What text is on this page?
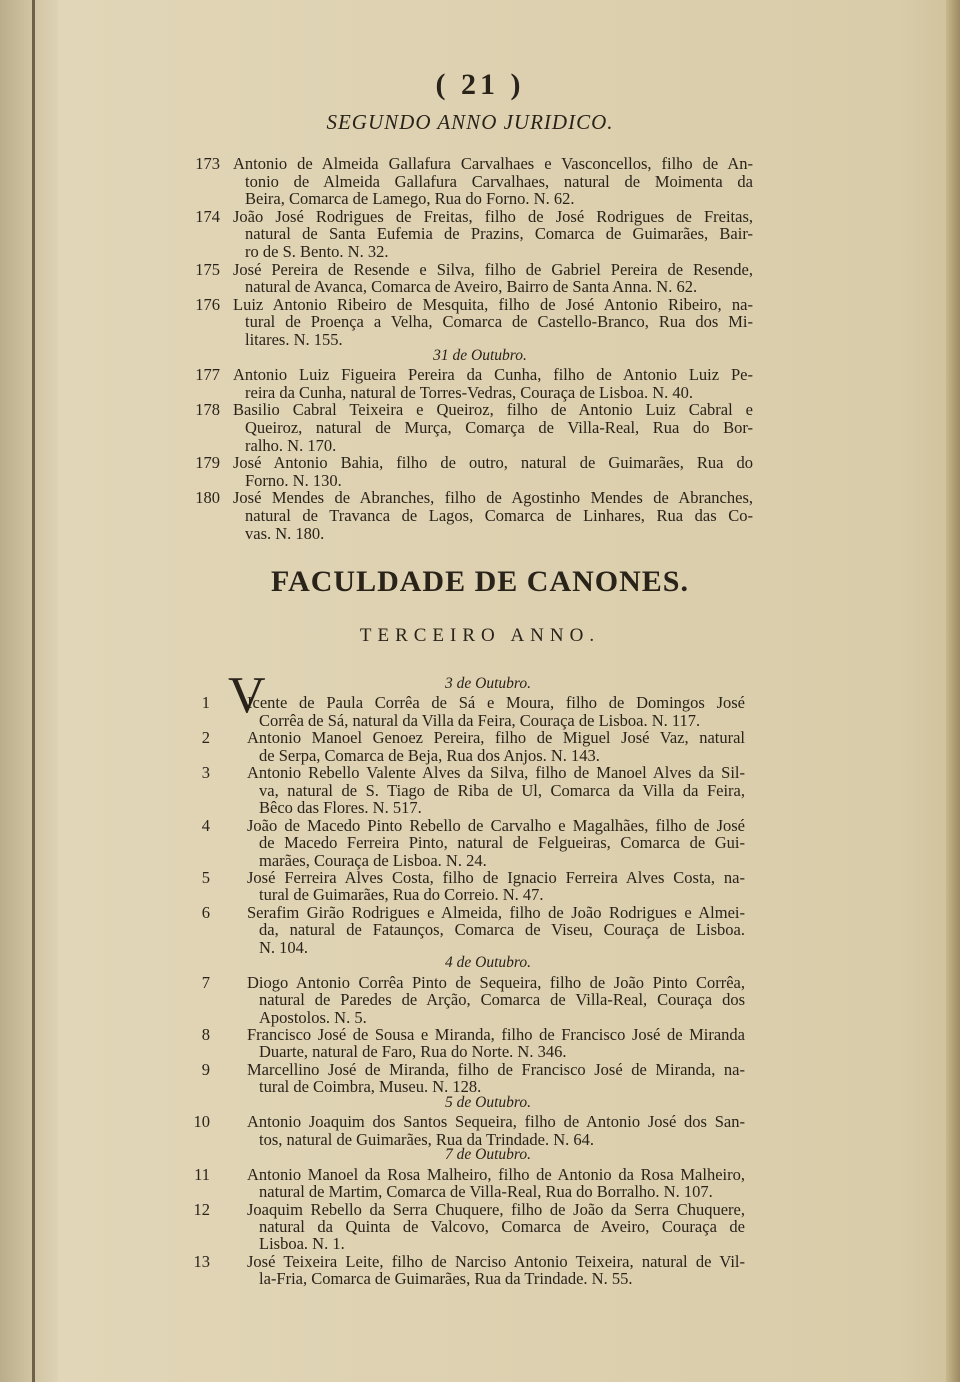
( 21 )
SEGUNDO ANNO JURIDICO.
173 Antonio de Almeida Gallafura Carvalhaes e Vasconcellos, filho de An-
tonio de Almeida Gallafura Carvalhaes, natural de Moimenta da
Beira, Comarca de Lamego, Rua do Forno. N. 62.
174 João José Rodrigues de Freitas, filho de José Rodrigues de Freitas,
natural de Santa Eufemia de Prazins, Comarca de Guimarães, Bair-
ro de S. Bento. N. 32.
175 José Pereira de Resende e Silva, filho de Gabriel Pereira de Resende,
natural de Avanca, Comarca de Aveiro, Bairro de Santa Anna. N. 62.
176 Luiz Antonio Ribeiro de Mesquita, filho de José Antonio Ribeiro, na-
tural de Proença a Velha, Comarca de Castello-Branco, Rua dos Mi-
litares. N. 155.
31 de Outubro.
177 Antonio Luiz Figueira Pereira da Cunha, filho de Antonio Luiz Pe-
reira da Cunha, natural de Torres-Vedras, Couraça de Lisboa. N. 40.
178 Basilio Cabral Teixeira e Queiroz, filho de Antonio Luiz Cabral e
Queiroz, natural de Murça, Comarça de Villa-Real, Rua do Bor-
ralho. N. 170.
179 José Antonio Bahia, filho de outro, natural de Guimarães, Rua do
Forno. N. 130.
180 José Mendes de Abranches, filho de Agostinho Mendes de Abranches,
natural de Travanca de Lagos, Comarca de Linhares, Rua das Co-
vas. N. 180.
FACULDADE DE CANONES.
TERCEIRO ANNO.
V	3 de Outubro.
1 Icente de Paula Corrêa de Sá e Moura, filho de Domingos José
Corrêa de Sá, natural da Villa da Feira, Couraça de Lisboa. N. 117.
2 Antonio Manoel Genoez Pereira, filho de Miguel José Vaz, natural
de Serpa, Comarca de Beja, Rua dos Anjos. N. 143.
3 Antonio Rebello Valente Alves da Silva, filho de Manoel Alves da Sil-
va, natural de S. Tiago de Riba de Ul, Comarca da Villa da Feira,
Bêco das Flores. N. 517.
4 João de Macedo Pinto Rebello de Carvalho e Magalhães, filho de José
de Macedo Ferreira Pinto, natural de Felgueiras, Comarca de Gui-
marães, Couraça de Lisboa. N. 24.
5 José Ferreira Alves Costa, filho de Ignacio Ferreira Alves Costa, na-
tural de Guimarães, Rua do Correio. N. 47.
6 Serafim Girão Rodrigues e Almeida, filho de João Rodrigues e Almei-
da, natural de Fataunços, Comarca de Viseu, Couraça de Lisboa.
N. 104.
4 de Outubro.
7 Diogo Antonio Corrêa Pinto de Sequeira, filho de João Pinto Corrêa,
natural de Paredes de Arção, Comarca de Villa-Real, Couraça dos
Apostolos. N. 5.
8 Francisco José de Sousa e Miranda, filho de Francisco José de Miranda
Duarte, natural de Faro, Rua do Norte. N. 346.
9 Marcellino José de Miranda, filho de Francisco José de Miranda, na-
tural de Coimbra, Museu. N. 128.
5 de Outubro.
10 Antonio Joaquim dos Santos Sequeira, filho de Antonio José dos San-
tos, natural de Guimarães, Rua da Trindade. N. 64.
7 de Outubro.
11 Antonio Manoel da Rosa Malheiro, filho de Antonio da Rosa Malheiro,
natural de Martim, Comarca de Villa-Real, Rua do Borralho. N. 107.
12 Joaquim Rebello da Serra Chuquere, filho de João da Serra Chuquere,
natural da Quinta de Valcovo, Comarca de Aveiro, Couraça de
Lisboa. N. 1.
13 José Teixeira Leite, filho de Narciso Antonio Teixeira, natural de Vil-
la-Fria, Comarca de Guimarães, Rua da Trindade. N. 55.
